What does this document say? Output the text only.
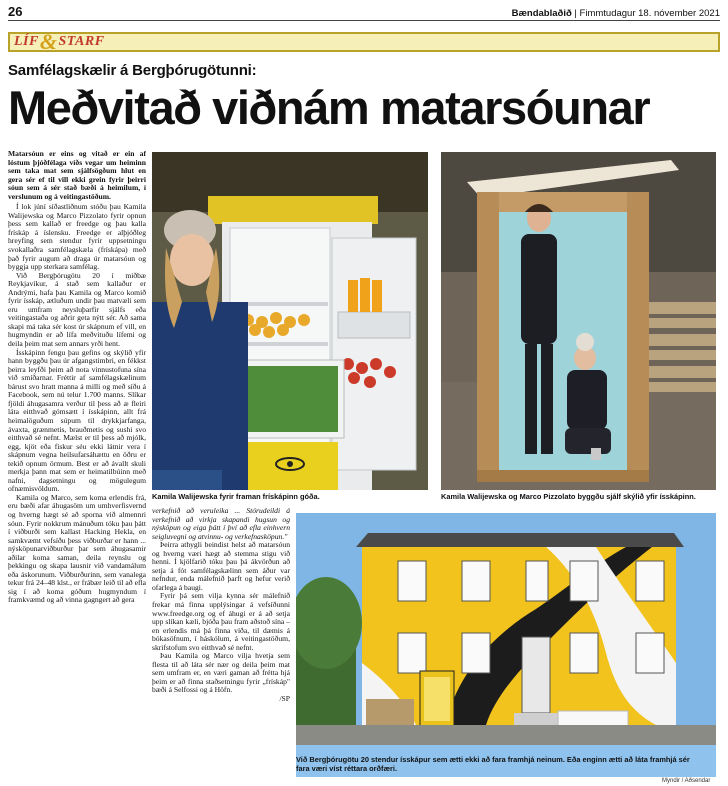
26	Bændablaðið | Fimmtudagur 18. nóvember 2021
LÍF & STARF
Samfélagskælir á Bergþórugötunni:
Meðvitað viðnám matarsóunar

Matarsóun er eins og vitað er ein af lóstum þjóðfélaga víðs vegar um heiminn sem taka mat sem sjálfsögðum hlut en gera sér ef til vill ekki grein fyrir þeirri sóun sem á sér stað bæði á heimilum, í verslunum og á veitingastöðum.

Í lok júní síðastliðnum stóðu þau Kamila Walijewska og Marco Pizzolato fyrir opnun þess sem kallað er freedge og þau kalla frískáp á íslensku. Freedge er alþjóðleg hreyfing sem stendur fyrir uppsetningu svokallaðra samfélagskæla (frískápa) með það fyrir augum að draga úr matarsóun og byggja upp sterkara samfélag.

Við Bergþórugötu 20 í miðbæ Reykjavíkur, á stað sem kallaður er Andrými, hafa þau Kamila og Marco komið fyrir ísskáp, ætluðum undir þau matvæli sem eru umfram neysluþarfir sjálfs eða veitingastaða og aðrir geta nýtt sér. Að sama skapi má taka sér kost úr skápnum ef vill, en hugmyndin er að lífa meðvituðu lífemi og deila þeim mat sem annars yrði hent.

Ísskápinn fengu þau gefins og skýlið yfir hann byggðu þau úr afgangstimbri, en fékkst þeirra leyfði þeim að nota vinnustofuna sína við smíðarnar. Fréttir af samfélagskælinum bárust svo hratt manna á milli og með síðu á Facebook, sem nú telur 1.700 manns. Slíkar fjöldi áhugasamra verður til þess að æ fleiri láta eitthvað gómsætt í ísskápinn, allt frá heimalöguðum súpum til drykkjarfanga, ávaxta, grænmetis, brauðmetis og sushi svo eitthvað sé nefnt. Mælst er til þess að mjólk, egg, kjöt eða fiskur séu ekki látnir vera í skápnum vegna heilsufarsáhættu en öðru er tekið opnum örmum. Best er að ávallt skuli merkja þann mat sem er heimatilbúinn með nafni, dagsetningu og mögulegum ofnæmisvöldum.

Kamila og Marco, sem koma erlendis frá, eru bæði afar áhugasöm um umhverfisvernd og hverng hægt sé að sporna við almennri sóun. Fyrir nokkrum mánuðum tóku þau þátt í viðburði sem kallast Hacking Hekla, en samkvæmt vefsíðu þess viðburðar er hann ... nýsköpunarviðburður þar sem áhugasamir aðilar koma saman, deila reynslu og þekkingu og skapa lausnir við vandamálum eða áskorunum. Viðburðurinn, sem vanalega tekur frá 24–48 klst., er frábær leið til að efla sig í að koma góðum hugmyndum í framkvæmd og að vinna gagngert að gera

Kamila Walijewska fyrir framan frískápinn góða.	Kamila Walijewska og Marco Pizzolato byggðu sjálf skýlið yfir ísskápinn.

verkefnið að veruleika ... Stórudeildi á verkefnið að virkja skapandi hugsun og nýsköpun og eiga þátt í því að efla einhvern seigluvegni og atvinnu- og verkefnasköpun."

Þeirra athygli beindist helst að matarsóun og hverng væri hægt að stemma stigu við henni. Í kjölfarið tóku þau þá ákvörðun að setja á fót samfélagskælinn sem áður var nefndur, enda málefnið þarft og hefur verið ofarlega á baugi.

Fyrir þá sem vilja kynna sér málefnið frekar má finna upplýsingar á vefsíðunni www.freedge.org og ef áhugi er á að setja upp slíkan kæli, bjóða þau fram aðstoð sína – en erlendis má þá finna víða, til dæmis á bókasöfnum, í háskólum, á veitingastöðum, skrifstofum svo eitthvað sé nefnt.

Þau Kamila og Marco vilja hvetja sem flesta til að láta sér nær og deila þeim mat sem umfram er, en væri gaman að frétta hjá þeim er að finna staðsetningu fyrir „frískáp" bæði á Selfossi og á Höfn.

/SP

Við Bergþórugötu 20 stendur ísskápur sem ætti ekki að fara framhjá neinum. Eða enginn ætti að láta framhjá sér fara væri víst réttara orðfæri.
Myndir / Aðsendar
